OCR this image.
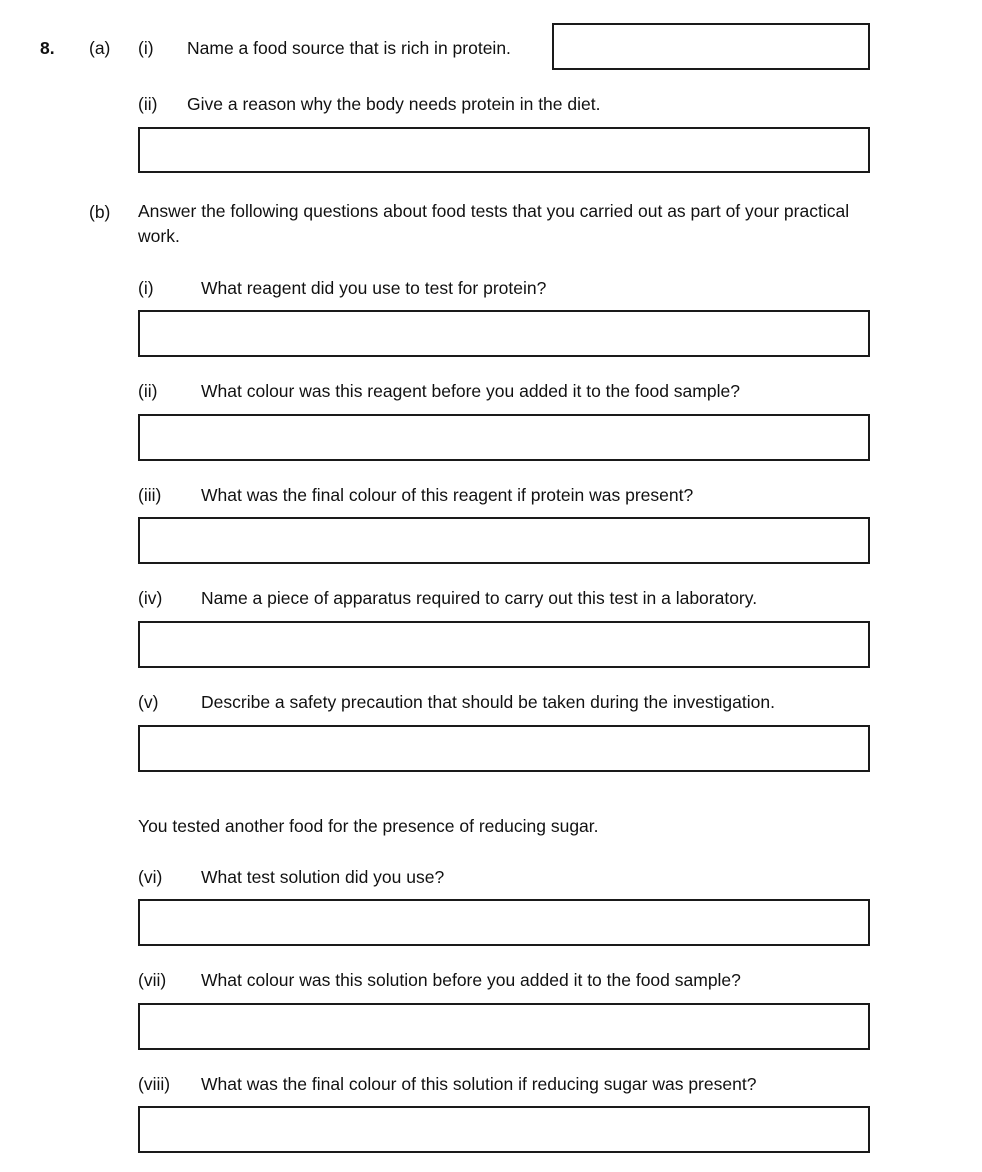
8. (a) (i) Name a food source that is rich in protein.
(ii) Give a reason why the body needs protein in the diet.
(b) Answer the following questions about food tests that you carried out as part of your practical work.
(i)	What reagent did you use to test for protein?
(ii) What colour was this reagent before you added it to the food sample?
(iii) What was the final colour of this reagent if protein was present?
(iv) Name a piece of apparatus required to carry out this test in a laboratory.
(v) Describe a safety precaution that should be taken during the investigation.
You tested another food for the presence of reducing sugar.
(vi) What test solution did you use?
(vii) What colour was this solution before you added it to the food sample?
(viii) What was the final colour of this solution if reducing sugar was present?
